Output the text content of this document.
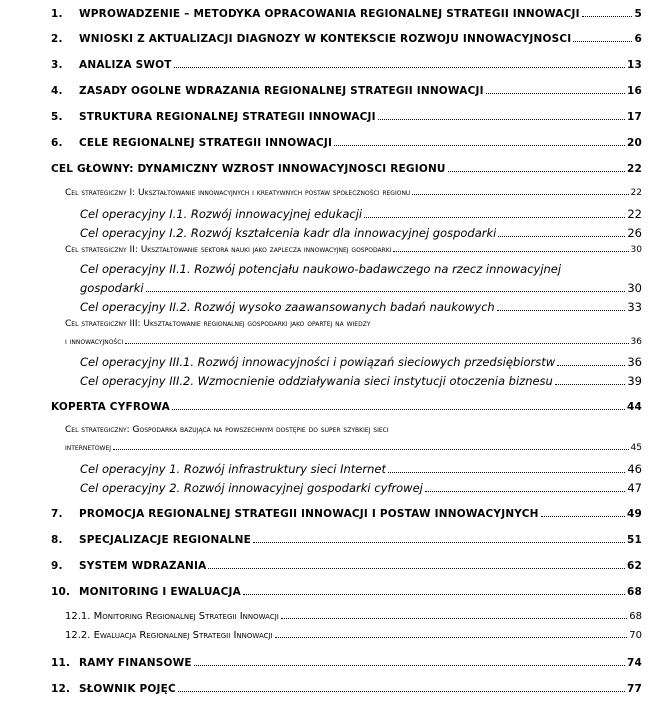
1.	WPROWADZENIE – METODYKA OPRACOWANIA REGIONALNEJ STRATEGII INNOWACJI	5
2.	WNIOSKI Z AKTUALIZACJI DIAGNOZY W KONTEKŚCIE ROZWOJU INNOWACYJNOŚCI	6
3.	ANALIZA SWOT	13
4.	ZASADY OGÓLNE WDRAŻANIA REGIONALNEJ STRATEGII INNOWACJI	16
5.	STRUKTURA REGIONALNEJ STRATEGII INNOWACJI	17
6.	CELE REGIONALNEJ STRATEGII INNOWACJI	20
CEL GŁÓWNY: DYNAMICZNY WZROST INNOWACYJNOŚCI REGIONU	22
Cel strategiczny I: Ukształtowanie innowacyjnych i kreatywnych postaw społeczności regionu	22
Cel operacyjny I.1. Rozwój innowacyjnej edukacji	22
Cel operacyjny I.2. Rozwój kształcenia kadr dla innowacyjnej gospodarki	26
Cel strategiczny II: Ukształtowanie sektora nauki jako zaplecza innowacyjnej gospodarki	30
Cel operacyjny II.1. Rozwój potencjału naukowo-badawczego na rzecz innowacyjnej
gospodarki	30
Cel operacyjny II.2. Rozwój wysoko zaawansowanych badań naukowych	33
Cel strategiczny III: Ukształtowanie regionalnej gospodarki jako opartej na wiedzy
i innowacyjności	36
Cel operacyjny III.1. Rozwój innowacyjności i powiązań sieciowych przedsiębiorstw	36
Cel operacyjny III.2. Wzmocnienie oddziaływania sieci instytucji otoczenia biznesu	39
KOPERTA CYFROWA	44
Cel strategiczny: Gospodarka bazująca na powszechnym dostępie do super szybkiej sieci
internetowej	45
Cel operacyjny 1. Rozwój infrastruktury sieci Internet	46
Cel operacyjny 2. Rozwój innowacyjnej gospodarki cyfrowej	47
7.	PROMOCJA REGIONALNEJ STRATEGII INNOWACJI I POSTAW INNOWACYJNYCH	49
8.	SPECJALIZACJE REGIONALNE	51
9.	SYSTEM WDRAŻANIA	62
10. MONITORING I EWALUACJA	68
12.1. Monitoring Regionalnej Strategii Innowacji	68
12.2. Ewaluacja Regionalnej Strategii Innowacji	70
11. RAMY FINANSOWE	74
12. SŁOWNIK POJĘĆ	77
